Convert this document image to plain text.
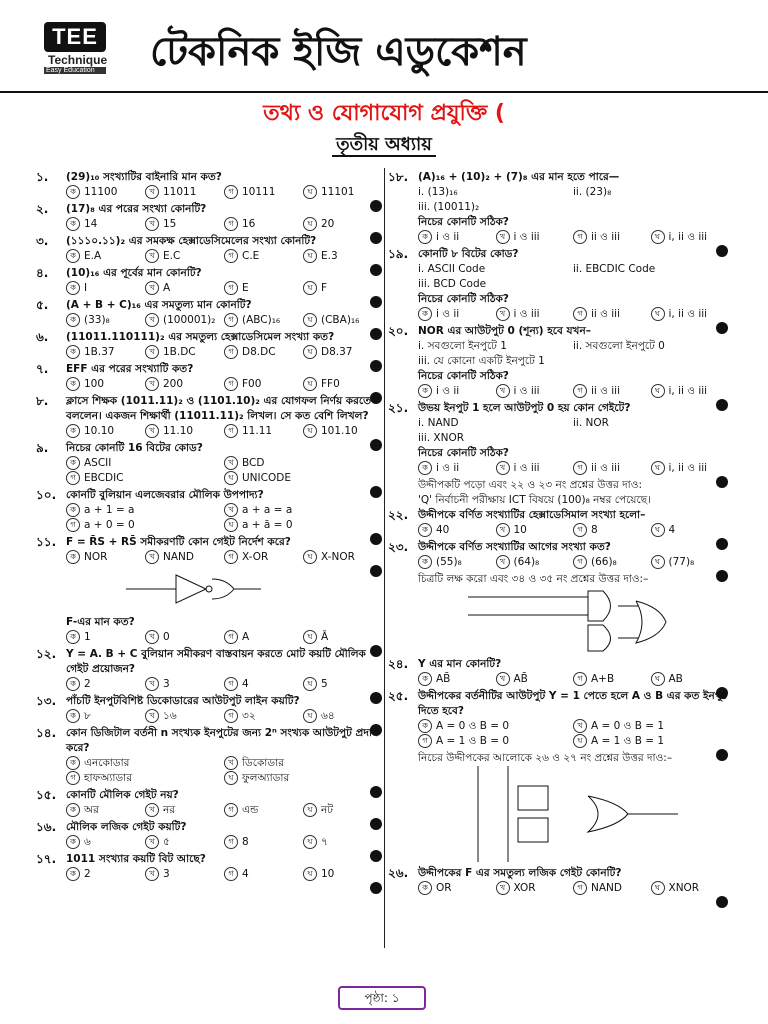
TEE
Technique
Easy Education টেকনিক ইজি এডুকেশন
তথ্য ও যোগাযোগ প্রযুক্তি (
তৃতীয় অধ্যায়
১. (29)₁₀ সংখ্যাটির বাইনারি মান কত?
ক 11100	খ 11011	গ 10111	ঘ 11101
২. (17)₈ এর পরের সংখ্যা কোনটি?
ক 14	খ 15	গ 16	ঘ 20
৩. (১১১০.১১)₂ এর সমকক্ষ হেক্সাডেসিমেলের সংখ্যা কোনটি?
ক E.A	খ E.C	গ C.E	ঘ E.3
৪. (10)₁₆ এর পূর্বের মান কোনটি?
ক I	খ A	গ E	ঘ F
৫. (A + B + C)₁₆ এর সমতুল্য মান কোনটি?
ক (33)₈	খ (100001)₂	গ (ABC)₁₆	ঘ (CBA)₁₆
৬. (11011.110111)₂ এর সমতুল্য হেক্সাডেসিমেল সংখ্যা কত?
ক 1B.37	খ 1B.DC	গ D8.DC	ঘ D8.37
৭. EFF এর পরের সংখ্যাটি কত?
ক 100	খ 200	গ F00	ঘ FF0
৮. ক্লাসে শিক্ষক (1011.11)₂ ও (1101.10)₂ এর যোগফল নির্ণয় করতে বললেন। একজন শিক্ষার্থী (11011.11)₂ লিখল। সে কত বেশি লিখল?
ক 10.10	খ 11.10	গ 11.11	ঘ 101.10
৯. নিচের কোনটি 16 বিটের কোড?
ক ASCII	খ BCD
গ EBCDIC	ঘ UNICODE
১০. কোনটি বুলিয়ান এলজেবরার মৌলিক উপপাদ্য?
ক a + 1 = a	খ a + a = a
গ a + 0 = 0	ঘ a + ā = 0
১১. F = R̄S + RS̄ সমীকরণটি কোন গেইট নির্দেশ করে?
ক NOR	খ NAND	গ X-OR	ঘ X-NOR
F-এর মান কত?
ক 1	খ 0	গ A	ঘ Ā
১২. Y = A. B + C বুলিয়ান সমীকরণ বাস্তবায়ন করতে মোট কয়টি মৌলিক গেইট প্রয়োজন?
ক 2	খ 3	গ 4	ঘ 5
১৩. পাঁচটি ইনপুটবিশিষ্ট ডিকোডারের আউটপুট লাইন কয়টি?
ক ৮	খ ১৬	গ ৩২	ঘ ৬৪
১৪. কোন ডিজিটাল বর্তনী n সংখ্যক ইনপুটের জন্য 2ⁿ সংখ্যক আউটপুট প্রদান করে?
ক এনকোডার	খ ডিকোডার
গ হাফঅ্যাডার	ঘ ফুলঅ্যাডার
১৫. কোনটি মৌলিক গেইট নয়?
ক অর	খ নর	গ এন্ড	ঘ নট
১৬. মৌলিক লজিক গেইট কয়টি?
ক ৬	খ ৫	গ 8	ঘ ৭
১৭. 1011 সংখ্যার কয়টি বিট আছে?
ক 2	খ 3	গ 4	ঘ 10
১৮. (A)₁₆ + (10)₂ + (7)₈ এর মান হতে পারে—
i. (13)₁₆	ii. (23)₈
iii. (10011)₂
নিচের কোনটি সঠিক?
ক i ও ii	খ i ও iii	গ ii ও iii	ঘ i, ii ও iii
১৯. কোনটি ৮ বিটের কোড?
i. ASCII Code	ii. EBCDIC Code
iii. BCD Code
নিচের কোনটি সঠিক?
ক i ও ii	খ i ও iii	গ ii ও iii	ঘ i, ii ও iii
২০. NOR এর আউটপুট 0 (শূন্য) হবে যখন–
i. সবগুলো ইনপুটে 1	ii. সবগুলো ইনপুটে 0
iii. যে কোনো একটি ইনপুটে 1
নিচের কোনটি সঠিক?
ক i ও ii	খ i ও iii	গ ii ও iii	ঘ i, ii ও iii
২১. উভয় ইনপুট 1 হলে আউটপুট 0 হয় কোন গেইটে?
i. NAND	ii. NOR
iii. XNOR
নিচের কোনটি সঠিক?
ক i ও ii	খ i ও iii	গ ii ও iii	ঘ i, ii ও iii
উদ্দীপকটি পড়ো এবং ২২ ও ২৩ নং প্রশ্নের উত্তর দাও:
'Q' নির্বাচনী পরীক্ষায় ICT বিষয়ে (100)₈ নম্বর পেয়েছে।
২২. উদ্দীপকে বর্ণিত সংখ্যাটির হেক্সাডেসিমাল সংখ্যা হলো–
ক 40	খ 10	গ 8	ঘ 4
২৩. উদ্দীপকে বর্ণিত সংখ্যাটির আগের সংখ্যা কত?
ক (55)₈	খ (64)₈	গ (66)₈	ঘ (77)₈
চিত্রটি লক্ষ করো এবং ৩৪ ও ৩৫ নং প্রশ্নের উত্তর দাও:–
২৪. Y এর মান কোনটি?
ক AB̄	খ AB̄	গ A+B	ঘ AB
২৫. উদ্দীপকের বর্তনীটির আউটপুট Y = 1 পেতে হলে A ও B এর কত ইনপুট দিতে হবে?
ক A = 0 ও B = 0	খ A = 0 ও B = 1
গ A = 1 ও B = 0	ঘ A = 1 ও B = 1
নিচের উদ্দীপকের আলোকে ২৬ ও ২৭ নং প্রশ্নের উত্তর দাও:–
২৬. উদ্দীপকের F এর সমতুল্য লজিক গেইট কোনটি?
ক OR	খ XOR	গ NAND	ঘ XNOR
পৃষ্ঠা: ১
